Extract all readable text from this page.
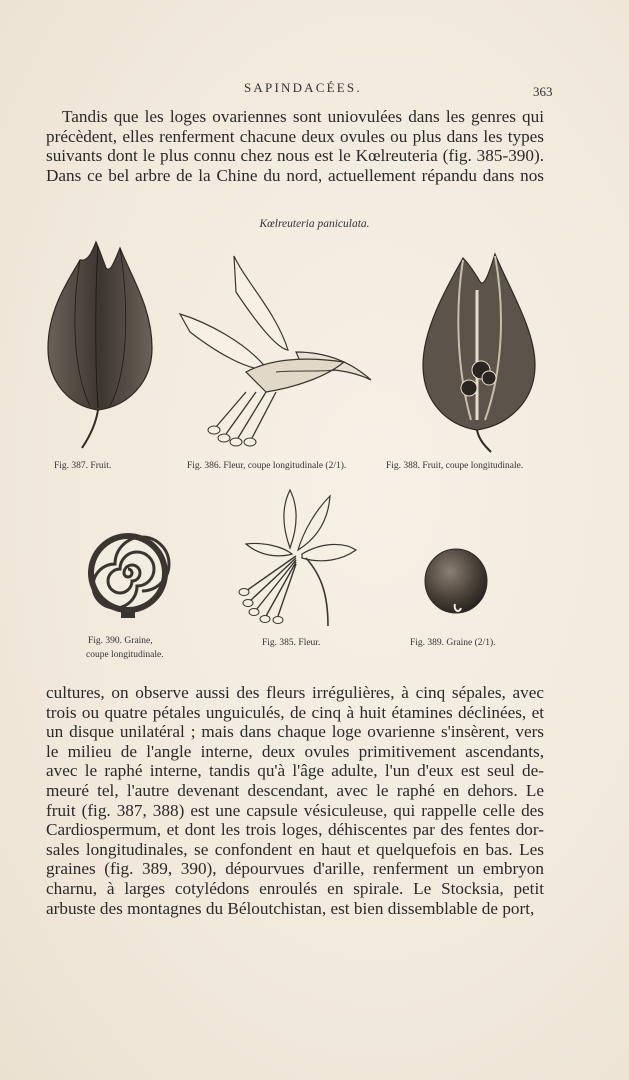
SAPINDACÉES.	363
Tandis que les loges ovariennes sont uniovulées dans les genres qui
précèdent, elles renferment chacune deux ovules ou plus dans les types
suivants dont le plus connu chez nous est le Kœlreuteria (fig. 385-390).
Dans ce bel arbre de la Chine du nord, actuellement répandu dans nos
Kœlreuteria paniculata.
Fig. 387. Fruit.	Fig. 386. Fleur, coupe longitudinale (2/1).	Fig. 388. Fruit, coupe longitudinale.
Fig. 390. Graine,
coupe longitudinale.
Fig. 385. Fleur.	Fig. 389. Graine (2/1).
cultures, on observe aussi des fleurs irrégulières, à cinq sépales, avec
trois ou quatre pétales unguiculés, de cinq à huit étamines déclinées, et
un disque unilatéral ; mais dans chaque loge ovarienne s'insèrent, vers
le milieu de l'angle interne, deux ovules primitivement ascendants,
avec le raphé interne, tandis qu'à l'âge adulte, l'un d'eux est seul de-
meuré tel, l'autre devenant descendant, avec le raphé en dehors. Le
fruit (fig. 387, 388) est une capsule vésiculeuse, qui rappelle celle des
Cardiospermum, et dont les trois loges, déhiscentes par des fentes dor-
sales longitudinales, se confondent en haut et quelquefois en bas. Les
graines (fig. 389, 390), dépourvues d'arille, renferment un embryon
charnu, à larges cotylédons enroulés en spirale. Le Stocksia, petit
arbuste des montagnes du Béloutchistan, est bien dissemblable de port,
